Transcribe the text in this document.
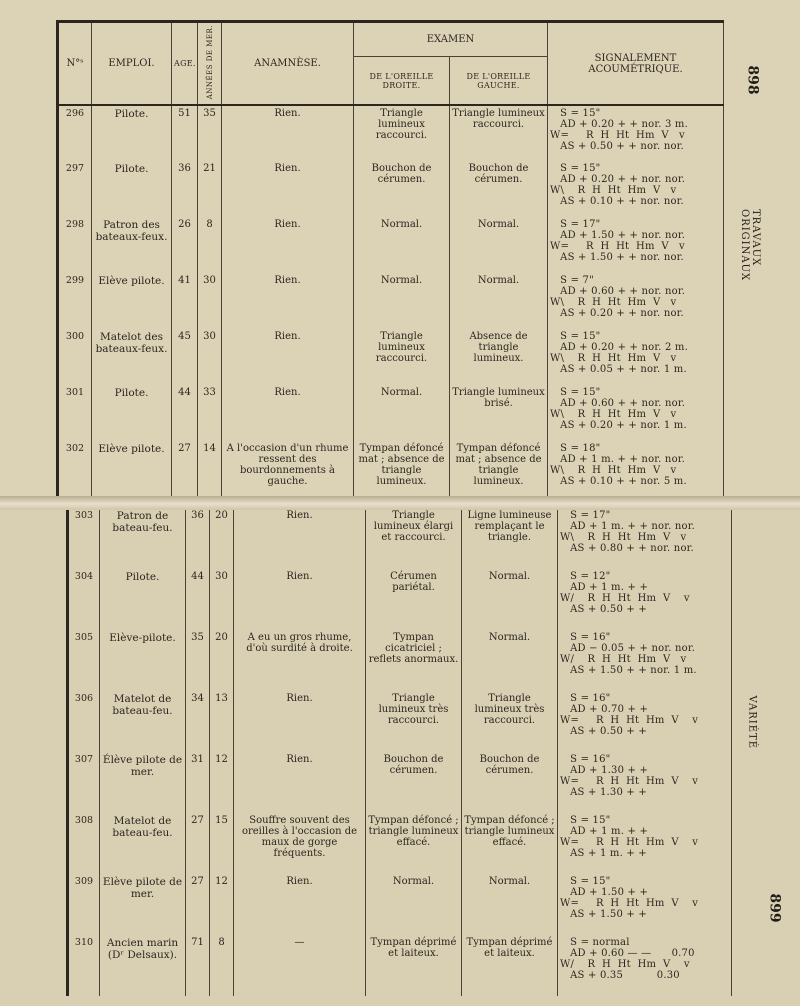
N°ˢ	EMPLOI.	AGE.	ANNÉES DE MER.	ANAMNÈSE.	EXAMEN		SIGNALEMENT ACOUMÉTRIQUE.
					DE L'OREILLE DROITE.	DE L'OREILLE GAUCHE.	
296	Pilote.	51	35	Rien.	Triangle lumineux raccourci.	Triangle lumineux raccourci.	S = 15"
AD + 0.20 + + nor. 3 m.
W=     R  H  Ht  Hm  V   v
AS + 0.50 + + nor. nor.
297	Pilote.	36	21	Rien.	Bouchon de cérumen.	Bouchon de cérumen.	S = 15"
AD + 0.20 + + nor. nor.
W\    R  H  Ht  Hm  V   v
AS + 0.10 + + nor. nor.
298	Patron des bateaux-feux.	26	8	Rien.	Normal.	Normal.	S = 17"
AD + 1.50 + + nor. nor.
W=     R  H  Ht  Hm  V   v
AS + 1.50 + + nor. nor.
299	Elève pilote.	41	30	Rien.	Normal.	Normal.	S = 7"
AD + 0.60 + + nor. nor.
W\    R  H  Ht  Hm  V   v
AS + 0.20 + + nor. nor.
300	Matelot des bateaux-feux.	45	30	Rien.	Triangle lumineux raccourci.	Absence de triangle lumineux.	S = 15"
AD + 0.20 + + nor. 2 m.
W\    R  H  Ht  Hm  V   v
AS + 0.05 + + nor. 1 m.
301	Pilote.	44	33	Rien.	Normal.	Triangle lumineux brisé.	S = 15"
AD + 0.60 + + nor. nor.
W\    R  H  Ht  Hm  V   v
AS + 0.20 + + nor. 1 m.
302	Elève pilote.	27	14	A l'occasion d'un rhume ressent des bourdonnements à gauche.	Tympan défoncé mat ; absence de triangle lumineux.	Tympan défoncé mat ; absence de triangle lumineux.	S = 18"
AD + 1 m. + + nor. nor.
W\    R  H  Ht  Hm  V   v
AS + 0.10 + + nor. 5 m.
898
TRAVAUX ORIGINAUX
303	Patron de bateau-feu.	36	20	Rien.	Triangle lumineux élargi et raccourci.	Ligne lumineuse remplaçant le triangle.	S = 17"
AD + 1 m. + + nor. nor.
W\    R  H  Ht  Hm  V   v
AS + 0.80 + + nor. nor.
304	Pilote.	44	30	Rien.	Cérumen pariétal.	Normal.	S = 12"
AD + 1 m. + +
W/    R  H  Ht  Hm  V    v
AS + 0.50 + +
305	Elève-pilote.	35	20	A eu un gros rhume, d'où surdité à droite.	Tympan cicatriciel ; reflets anormaux.	Normal.	S = 16"
AD − 0.05 + + nor. nor.
W/    R  H  Ht  Hm  V   v
AS + 1.50 + + nor. 1 m.
306	Matelot de bateau-feu.	34	13	Rien.	Triangle lumineux très raccourci.	Triangle lumineux très raccourci.	S = 16"
AD + 0.70 + +
W=     R  H  Ht  Hm  V    v
AS + 0.50 + +
307	Élève pilote de mer.	31	12	Rien.	Bouchon de cérumen.	Bouchon de cérumen.	S = 16"
AD + 1.30 + +
W=     R  H  Ht  Hm  V    v
AS + 1.30 + +
308	Matelot de bateau-feu.	27	15	Souffre souvent des oreilles à l'occasion de maux de gorge fréquents.	Tympan défoncé ; triangle lumineux effacé.	Tympan défoncé ; triangle lumineux effacé.	S = 15"
AD + 1 m. + +
W=     R  H  Ht  Hm  V    v
AS + 1 m. + +
309	Elève pilote de mer.	27	12	Rien.	Normal.	Normal.	S = 15"
AD + 1.50 + +
W=     R  H  Ht  Hm  V    v
AS + 1.50 + +
310	Ancien marin (Dʳ Delsaux).	71	8	—	Tympan déprimé et laiteux.	Tympan déprimé et laiteux.	S = normal
AD + 0.60 — —      0.70
W/    R  H  Ht  Hm  V    v
AS + 0.35          0.30
VARIÉTÉ
899
